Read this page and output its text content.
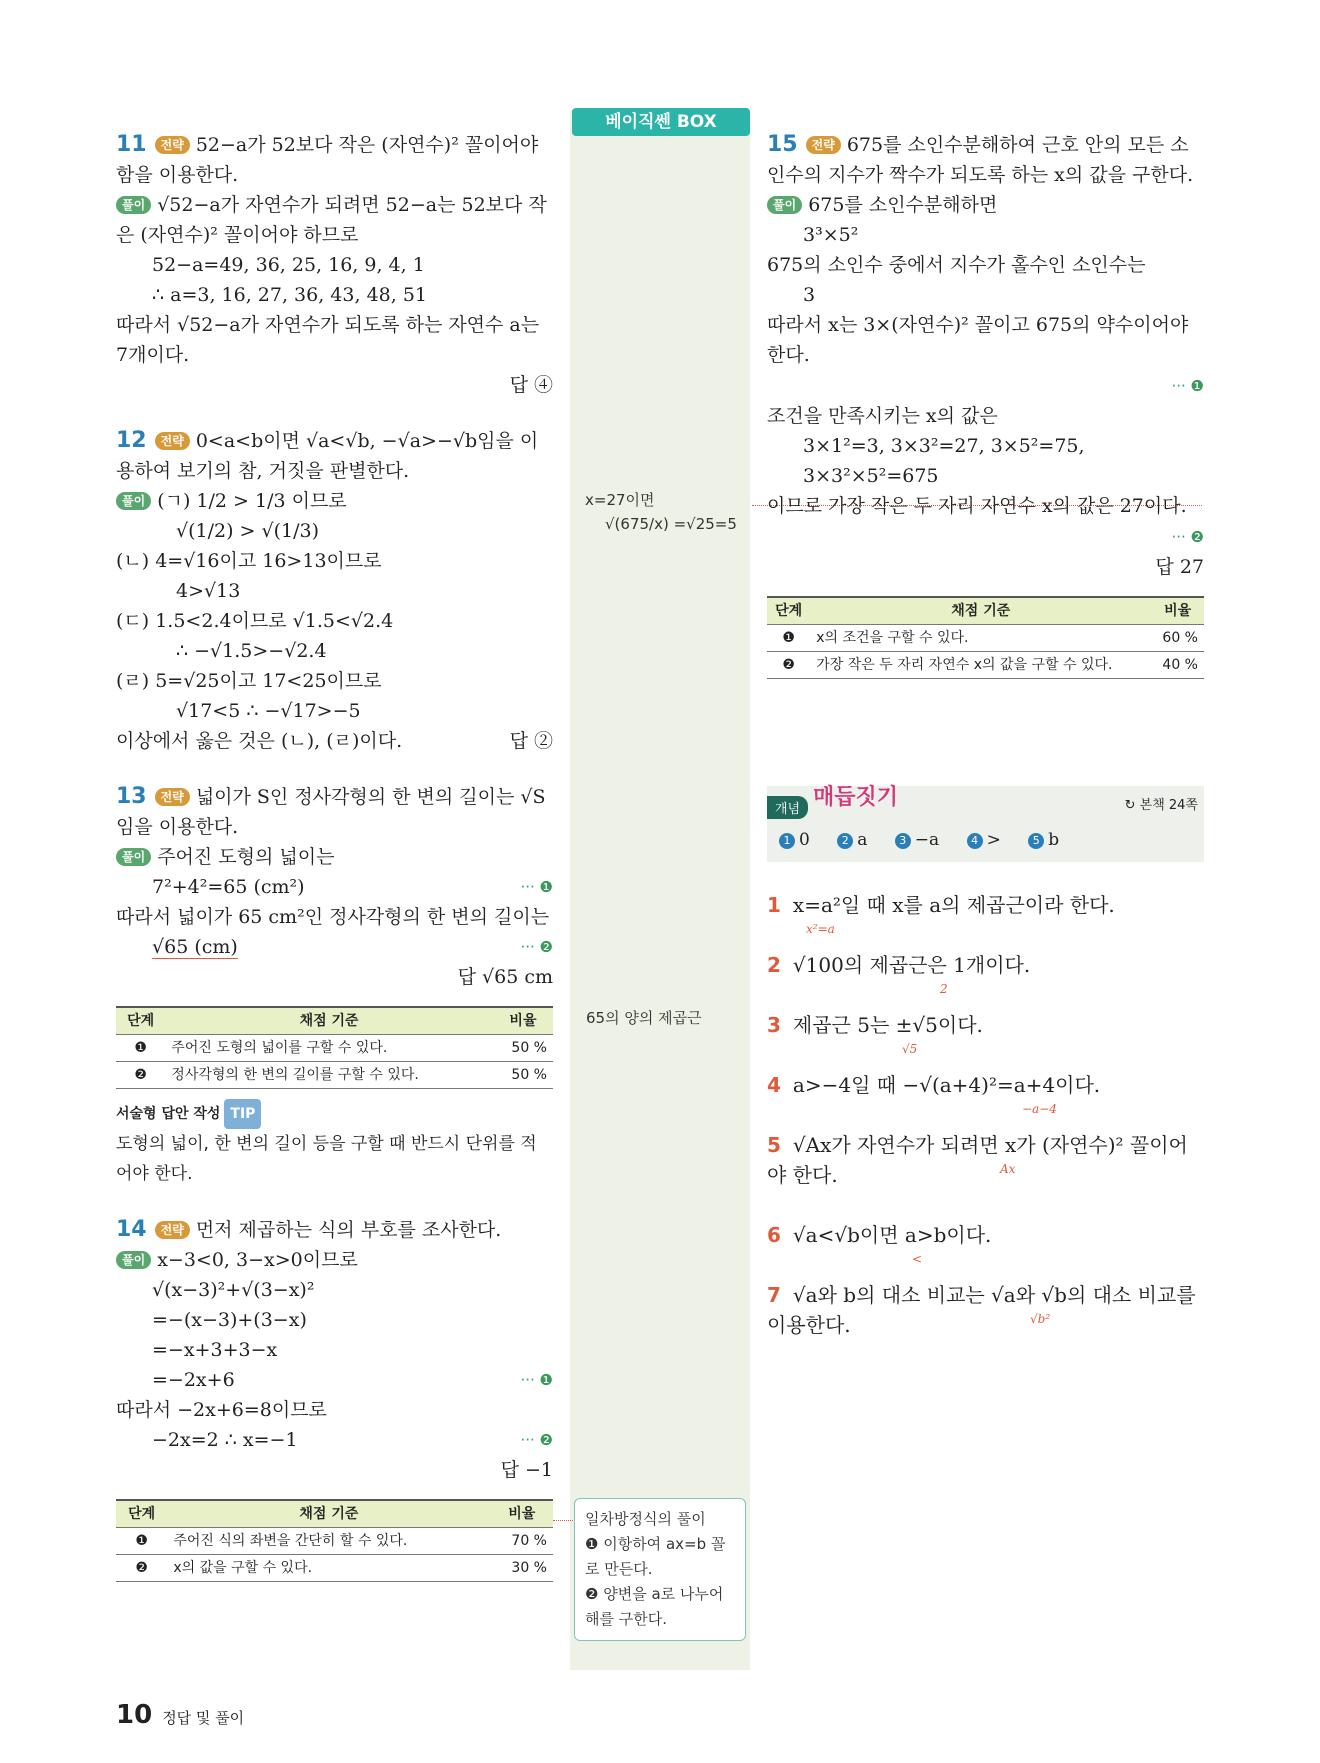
베이직쎈 BOX
x=27이면
√(675/x) =√25=5
65의 양의 제곱근
일차방정식의 풀이
❶ 이항하여 ax=b 꼴로 만든다.
❷ 양변을 a로 나누어 해를 구한다.
11 전략 52−a가 52보다 작은 (자연수)² 꼴이어야 함을 이용한다.
풀이 √52−a가 자연수가 되려면 52−a는 52보다 작은 (자연수)² 꼴이어야 하므로
52−a=49, 36, 25, 16, 9, 4, 1
∴ a=3, 16, 27, 36, 43, 48, 51
따라서 √52−a가 자연수가 되도록 하는 자연수 a는 7개이다.
답 ④
12 전략 0<a<b이면 √a<√b, −√a>−√b임을 이용하여 보기의 참, 거짓을 판별한다.
풀이 (ㄱ) 1/2 > 1/3 이므로
√(1/2) > √(1/3)
(ㄴ) 4=√16이고 16>13이므로
4>√13
(ㄷ) 1.5<2.4이므로 √1.5<√2.4
∴ −√1.5>−√2.4
(ㄹ) 5=√25이고 17<25이므로
√17<5 ∴ −√17>−5
이상에서 옳은 것은 (ㄴ), (ㄹ)이다.	답 ②
13 전략 넓이가 S인 정사각형의 한 변의 길이는 √S임을 이용한다.
풀이 주어진 도형의 넓이는
7²+4²=65 (cm²)	··· ❶
따라서 넓이가 65 cm²인 정사각형의 한 변의 길이는
√65 (cm)	··· ❷
답 √65 cm
단계	채점 기준	비율
❶	주어진 도형의 넓이를 구할 수 있다.	50 %
❷	정사각형의 한 변의 길이를 구할 수 있다.	50 %
서술형 답안 작성 TIP
도형의 넓이, 한 변의 길이 등을 구할 때 반드시 단위를 적어야 한다.
14 전략 먼저 제곱하는 식의 부호를 조사한다.
풀이 x−3<0, 3−x>0이므로
√(x−3)²+√(3−x)²
=−(x−3)+(3−x)
=−x+3+3−x
=−2x+6	··· ❶
따라서 −2x+6=8이므로
−2x=2 ∴ x=−1	··· ❷
답 −1
단계	채점 기준	비율
❶	주어진 식의 좌변을 간단히 할 수 있다.	70 %
❷	x의 값을 구할 수 있다.	30 %
15 전략 675를 소인수분해하여 근호 안의 모든 소인수의 지수가 짝수가 되도록 하는 x의 값을 구한다.
풀이 675를 소인수분해하면
3³×5²
675의 소인수 중에서 지수가 홀수인 소인수는
3
따라서 x는 3×(자연수)² 꼴이고 675의 약수이어야 한다.
··· ❶
조건을 만족시키는 x의 값은
3×1²=3, 3×3²=27, 3×5²=75,
3×3²×5²=675
이므로 가장 작은 두 자리 자연수 x의 값은 27이다.
··· ❷
답 27
단계	채점 기준	비율
❶	x의 조건을 구할 수 있다.	60 %
❷	가장 작은 두 자리 자연수 x의 값을 구할 수 있다.	40 %
개념 매듭짓기	↻ 본책 24쪽
1 0	2 a	3 −a	4 >	5 b
1 x=a²일 때 x를 a의 제곱근이라 한다.
x²=a
2 √100의 제곱근은 1개이다.
2
3 제곱근 5는 ±√5이다.
√5
4 a>−4일 때 −√(a+4)²=a+4이다.
−a−4
5 √Ax가 자연수가 되려면 x가 (자연수)² 꼴이어야 한다.	Ax
6 √a<√b이면 a>b이다.
<
7 √a와 b의 대소 비교는 √a와 √b의 대소 비교를 이용한다.	√b²
10 정답 및 풀이
